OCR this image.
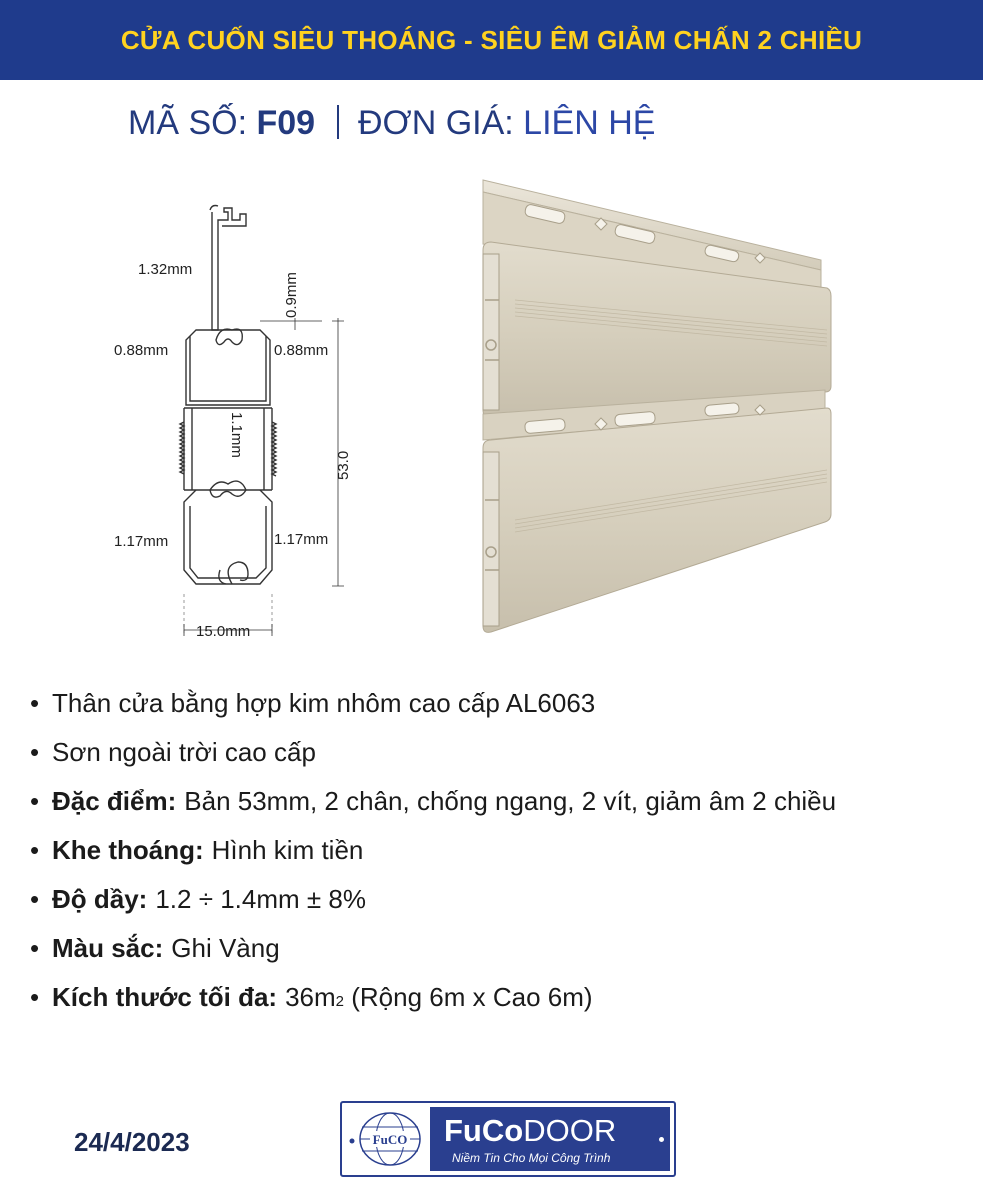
CỬA CUỐN SIÊU THOÁNG - SIÊU ÊM GIẢM CHẤN 2 CHIỀU
MÃ SỐ: F09 ĐƠN GIÁ: LIÊN HỆ
1.32mm
0.9mm
0.88mm	0.88mm
1.1mm
53.0
1.17mm	1.17mm
15.0mm
• Thân cửa bằng hợp kim nhôm cao cấp AL6063
• Sơn ngoài trời cao cấp
• Đặc điểm: Bản 53mm, 2 chân, chống ngang, 2 vít, giảm âm 2 chiều
• Khe thoáng: Hình kim tiền
• Độ dầy: 1.2 ÷ 1.4mm ± 8%
• Màu sắc: Ghi Vàng
• Kích thước tối đa: 36m 2 (Rộng 6m x Cao 6m)
24/4/2023	FuCO FuCoDOOR
Niềm Tin Cho Mọi Công Trình
